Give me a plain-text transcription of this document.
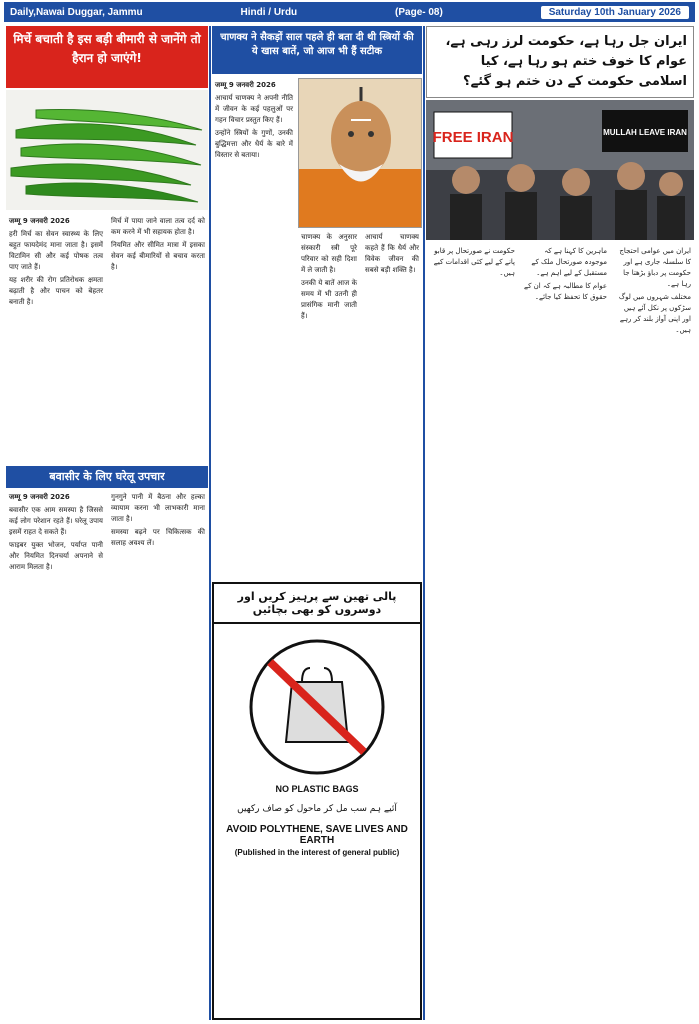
Daily,Nawai Duggar, Jammu	Hindi / Urdu	(Page- 08)	Saturday 10th January 2026
मिर्चे बचाती है इस बड़ी बीमारी से जानेंगे तो हैरान हो जाएंगे!

जम्मू 9 जनवरी 2026

हरी मिर्च का सेवन स्वास्थ्य के लिए बहुत फायदेमंद माना जाता है। इसमें विटामिन सी और कई पोषक तत्व पाए जाते हैं।

यह शरीर की रोग प्रतिरोधक क्षमता बढ़ाती है और पाचन को बेहतर बनाती है।

मिर्च में पाया जाने वाला तत्व दर्द को कम करने में भी सहायक होता है।

नियमित और सीमित मात्रा में इसका सेवन कई बीमारियों से बचाव करता है।

बवासीर के लिए घरेलू उपचार

जम्मू 9 जनवरी 2026

बवासीर एक आम समस्या है जिससे कई लोग परेशान रहते हैं। घरेलू उपाय इसमें राहत दे सकते हैं।

फाइबर युक्त भोजन, पर्याप्त पानी और नियमित दिनचर्या अपनाने से आराम मिलता है।

गुनगुने पानी में बैठना और हल्का व्यायाम करना भी लाभकारी माना जाता है।

समस्या बढ़ने पर चिकित्सक की सलाह अवश्य लें।

चाणक्य ने सैकड़ों साल पहले ही बता दी थी स्त्रियों की ये खास बातें, जो आज भी हैं सटीक

जम्मू 9 जनवरी 2026

आचार्य चाणक्य ने अपनी नीति में जीवन के कई पहलुओं पर गहन विचार प्रस्तुत किए हैं।

उन्होंने स्त्रियों के गुणों, उनकी बुद्धिमत्ता और धैर्य के बारे में विस्तार से बताया।

चाणक्य के अनुसार संस्कारी स्त्री पूरे परिवार को सही दिशा में ले जाती है।

उनकी ये बातें आज के समय में भी उतनी ही प्रासंगिक मानी जाती हैं।

आचार्य चाणक्य कहते हैं कि धैर्य और विवेक जीवन की सबसे बड़ी शक्ति है।

پالی تھین سے پرہیز کریں اور دوسروں کو بھی بچائیں
NO PLASTIC BAGS
آئیے ہم سب مل کر ماحول کو صاف رکھیں
AVOID POLYTHENE, SAVE LIVES AND EARTH
(Published in the interest of general public)
ایران جل رہا ہے، حکومت لرز رہی ہے، عوام کا خوف ختم ہو رہا ہے، کیا اسلامی حکومت کے دن ختم ہو گئے؟
FREE IRAN	MULLAH LEAVE IRAN

ایران میں عوامی احتجاج کا سلسلہ جاری ہے اور حکومت پر دباؤ بڑھتا جا رہا ہے۔

مختلف شہروں میں لوگ سڑکوں پر نکل آئے ہیں اور اپنی آواز بلند کر رہے ہیں۔

ماہرین کا کہنا ہے کہ موجودہ صورتحال ملک کے مستقبل کے لیے اہم ہے۔

عوام کا مطالبہ ہے کہ ان کے حقوق کا تحفظ کیا جائے۔

حکومت نے صورتحال پر قابو پانے کے لیے کئی اقدامات کیے ہیں۔
